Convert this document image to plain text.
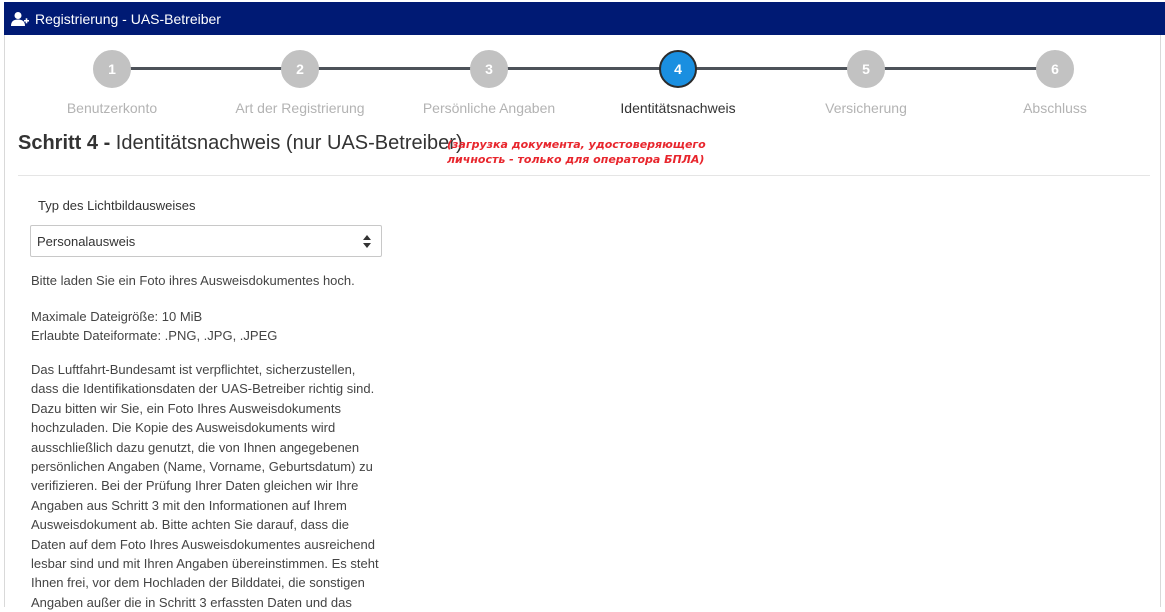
Registrierung - UAS-Betreiber
1
Benutzerkonto
2
Art der Registrierung
3
Persönliche Angaben
4
Identitätsnachweis
5
Versicherung
6
Abschluss
Schritt 4 - Identitätsnachweis (nur UAS-Betreiber)
(загрузка документа, удостоверяющего личность - только для оператора БПЛА)
Typ des Lichtbildausweises
Personalausweis

Bitte laden Sie ein Foto ihres Ausweisdokumentes hoch.

Maximale Dateigröße: 10 MiB

Erlaubte Dateiformate: .PNG, .JPG, .JPEG

Das Luftfahrt-Bundesamt ist verpflichtet, sicherzustellen, dass die Identifikationsdaten der UAS-Betreiber richtig sind. Dazu bitten wir Sie, ein Foto Ihres Ausweisdokuments hochzuladen. Die Kopie des Ausweisdokuments wird ausschließlich dazu genutzt, die von Ihnen angegebenen persönlichen Angaben (Name, Vorname, Geburtsdatum) zu verifizieren. Bei der Prüfung Ihrer Daten gleichen wir Ihre Angaben aus Schritt 3 mit den Informationen auf Ihrem Ausweisdokument ab. Bitte achten Sie darauf, dass die Daten auf dem Foto Ihres Ausweisdokumentes ausreichend lesbar sind und mit Ihren Angaben übereinstimmen. Es steht Ihnen frei, vor dem Hochladen der Bilddatei, die sonstigen Angaben außer die in Schritt 3 erfassten Daten und das
